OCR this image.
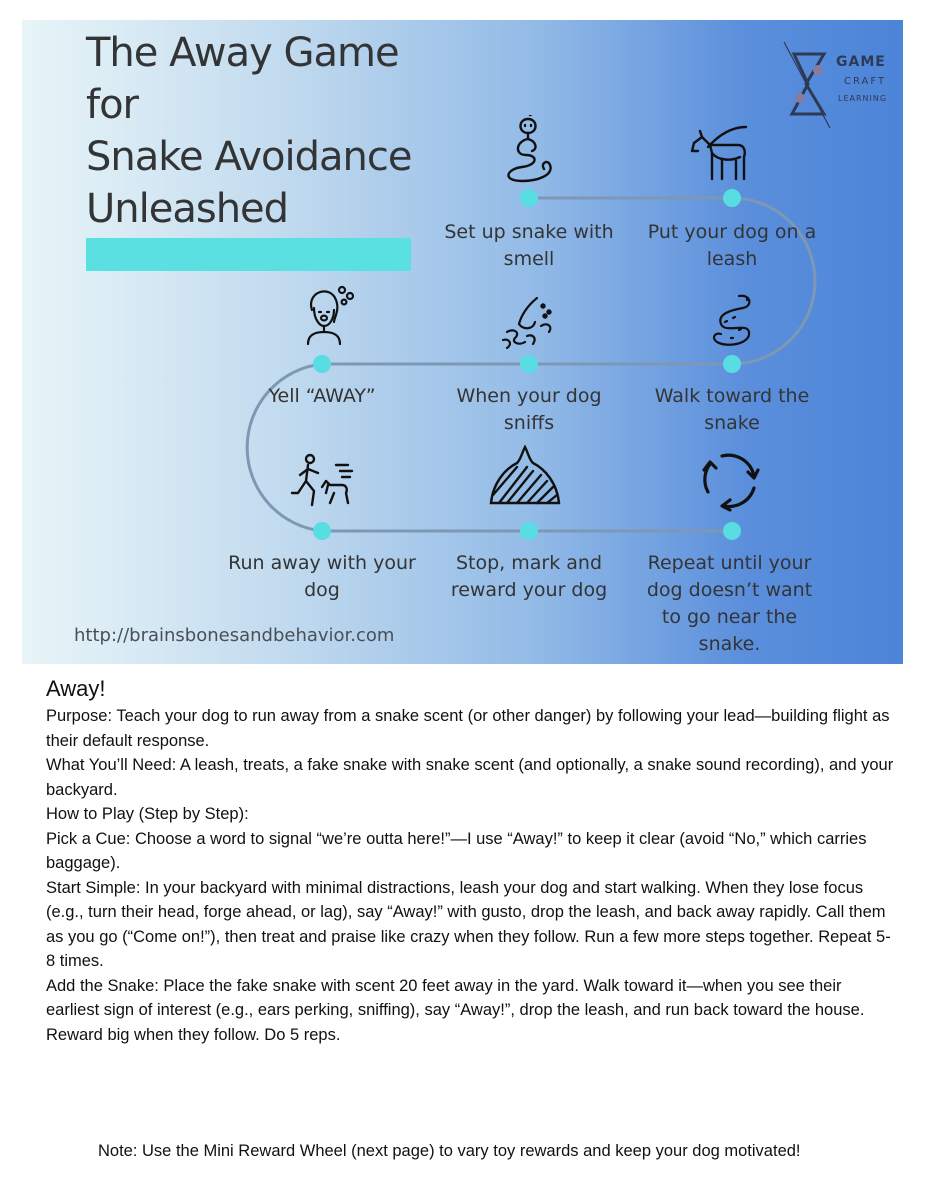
The Away Game
for
Snake Avoidance
Unleashed
GAME
CRAFT
LEARNING
Set up snake with smell
Put your dog on a leash
Walk toward the snake
When your dog sniffs
Yell “AWAY”
Run away with your dog
Stop, mark and reward your dog
Repeat until your dog doesn’t want to go near the snake.
http://brainsbonesandbehavior.com
Away!

Purpose: Teach your dog to run away from a snake scent (or other danger) by following your lead—building flight as their default response.

What You’ll Need: A leash, treats, a fake snake with snake scent (and optionally, a snake sound recording), and your backyard.

How to Play (Step by Step):

Pick a Cue: Choose a word to signal “we’re outta here!”—I use “Away!” to keep it clear (avoid “No,” which carries baggage).

Start Simple: In your backyard with minimal distractions, leash your dog and start walking. When they lose focus (e.g., turn their head, forge ahead, or lag), say “Away!” with gusto, drop the leash, and back away rapidly. Call them as you go (“Come on!”), then treat and praise like crazy when they follow. Run a few more steps together. Repeat 5-8 times.

Add the Snake: Place the fake snake with scent 20 feet away in the yard. Walk toward it—when you see their earliest sign of interest (e.g., ears perking, sniffing), say “Away!”, drop the leash, and run back toward the house. Reward big when they follow. Do 5 reps.

Note: Use the Mini Reward Wheel (next page) to vary toy rewards and keep your dog motivated!
